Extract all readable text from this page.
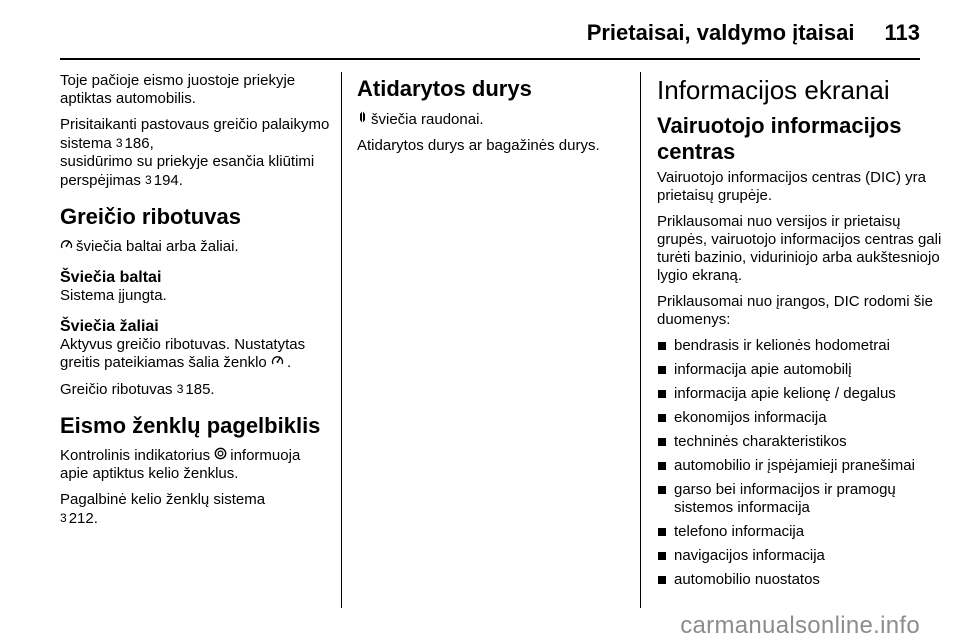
Prietaisai, valdymo įtaisai 113

Toje pačioje eismo juostoje priekyje aptiktas automobilis.

Prisitaikanti pastovaus greičio palaikymo sistema 3 186,
susidūrimo su priekyje esančia kliūtimi perspėjimas 3 194.

Greičio ribotuvas

šviečia baltai arba žaliai.

Šviečia baltai

Sistema įjungta.

Šviečia žaliai

Aktyvus greičio ribotuvas. Nustatytas greitis pateikiamas šalia ženklo .

Greičio ribotuvas 3 185.

Eismo ženklų pagelbiklis

Kontrolinis indikatorius informuoja apie aptiktus kelio ženklus.

Pagalbinė kelio ženklų sistema
3 212.

Atidarytos durys

šviečia raudonai.

Atidarytos durys ar bagažinės durys.

Informacijos ekranai
Vairuotojo informacijos centras

Vairuotojo informacijos centras (DIC) yra prietaisų grupėje.

Priklausomai nuo versijos ir prietaisų grupės, vairuotojo informacijos centras gali turėti bazinio, viduriniojo arba aukštesniojo lygio ekraną.

Priklausomai nuo įrangos, DIC rodomi šie duomenys:

bendrasis ir kelionės hodometrai
informacija apie automobilį
informacija apie kelionę / degalus
ekonomijos informacija
techninės charakteristikos
automobilio ir įspėjamieji pranešimai
garso bei informacijos ir pramogų sistemos informacija
telefono informacija
navigacijos informacija
automobilio nuostatos
carmanualsonline.info
